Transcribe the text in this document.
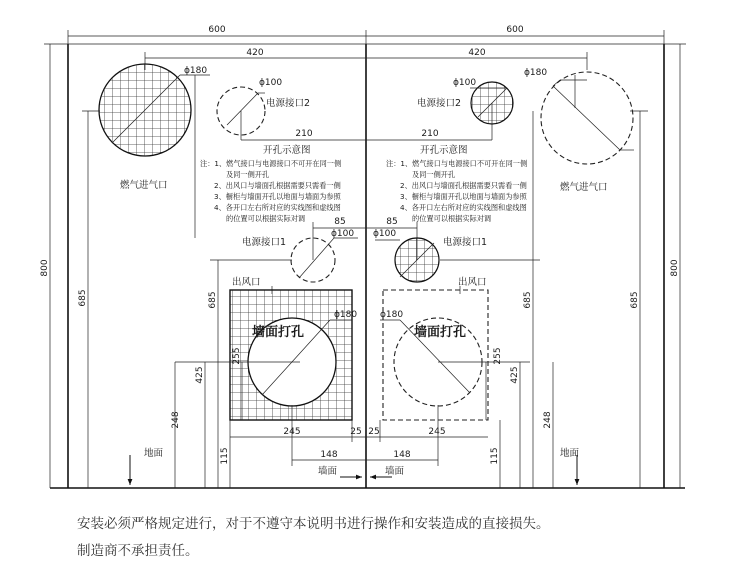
600	600
800	800
420	420
ϕ180
燃气进气口
ϕ100
电源接口2
ϕ100
电源接口2
ϕ180
燃气进气口
210	210
开孔示意图
注：1、燃气接口与电源接口不可开在同一侧
及同一侧开孔
2、出风口与墙面孔根据需要只需看一侧
3、橱柜与墙面开孔以地面与墙面为参照
4、各开口左右所对应的实线图和虚线图
的位置可以根据实际对调
开孔示意图
注：1、燃气接口与电源接口不可开在同一侧
及同一侧开孔
2、出风口与墙面孔根据需要只需看一侧
3、橱柜与墙面开孔以地面与墙面为参照
4、各开口左右所对应的实线图和虚线图
的位置可以根据实际对调
85	85
ϕ100
电源接口1
ϕ100
电源接口1
出风口	出风口
685	685	685	685
ϕ180
墙面打孔
ϕ180
墙面打孔
425
255
425
255
248	248
115	115
245	25 25	245
148	148
墙面	墙面
地面	地面
安装必须严格规定进行，对于不遵守本说明书进行操作和安装造成的直接损失。
制造商不承担责任。
